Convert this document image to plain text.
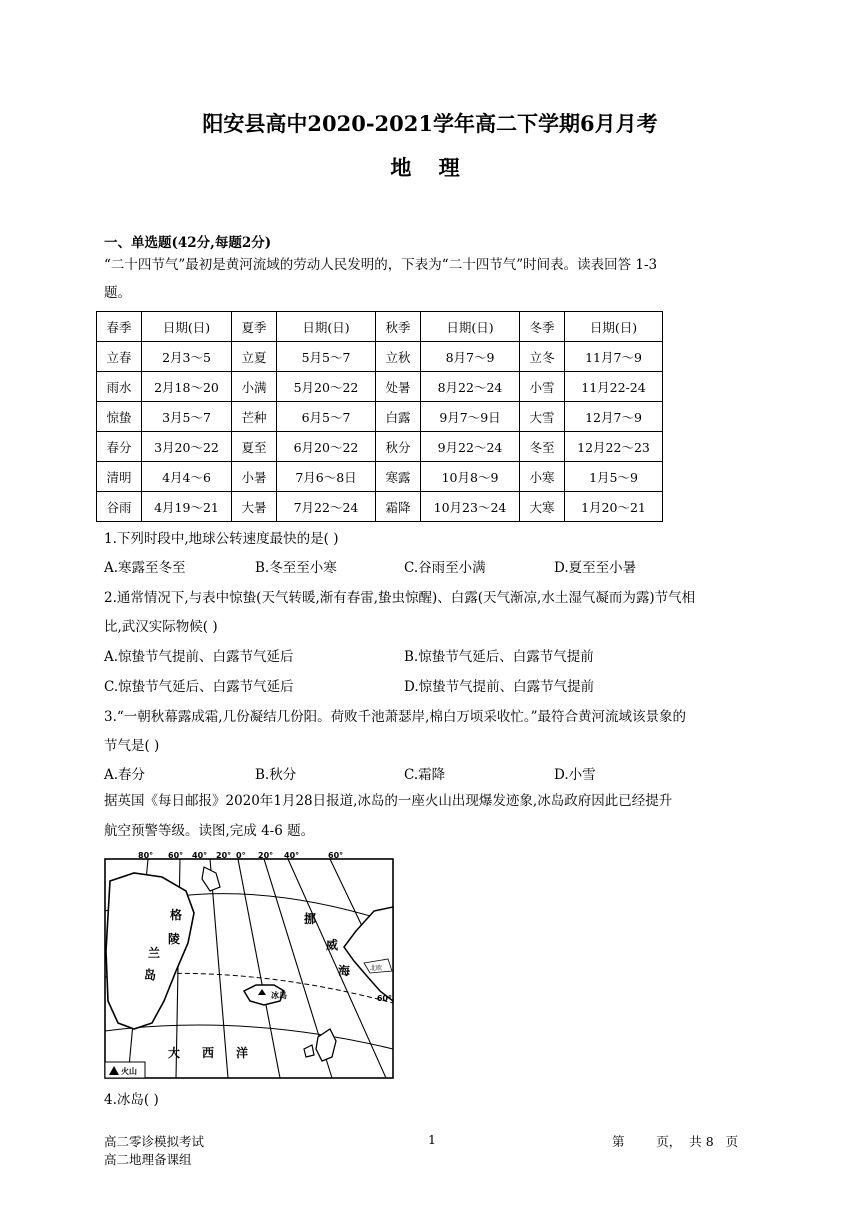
阳安县高中2020-2021学年高二下学期6月月考
地 理
一、单选题(42分,每题2分)
“二十四节气”最初是黄河流域的劳动人民发明的，下表为“二十四节气”时间表。读表回答 1-3
题。
春季	日期(日)	夏季	日期(日)	秋季	日期(日)	冬季	日期(日)
立春	2月3～5	立夏	5月5～7	立秋	8月7～9	立冬	11月7～9
雨水	2月18～20	小满	5月20～22	处暑	8月22～24	小雪	11月22-24
惊蛰	3月5～7	芒种	6月5～7	白露	9月7～9日	大雪	12月7～9
春分	3月20～22	夏至	6月20～22	秋分	9月22～24	冬至	12月22～23
清明	4月4～6	小暑	7月6～8日	寒露	10月8～9	小寒	1月5～9
谷雨	4月19～21	大暑	7月22～24	霜降	10月23～24	大寒	1月20～21
1.下列时段中,地球公转速度最快的是( )
A.寒露至冬至	B.冬至至小寒	C.谷雨至小满	D.夏至至小暑
2.通常情况下,与表中惊蛰(天气转暖,渐有春雷,蛰虫惊醒)、白露(天气渐凉,水土湿气凝而为露)节气相
比,武汉实际物候( )
A.惊蛰节气提前、白露节气延后	B.惊蛰节气延后、白露节气提前
C.惊蛰节气延后、白露节气延后	D.惊蛰节气提前、白露节气提前
3.“一朝秋幕露成霜,几份凝结几份阳。荷败千池萧瑟岸,棉白万顷采收忙。”最符合黄河流域该景象的
节气是( )
A.春分	B.秋分	C.霜降	D.小雪
据英国《每日邮报》2020年1月28日报道,冰岛的一座火山出现爆发迹象,冰岛政府因此已经提升
航空预警等级。读图,完成 4-6 题。
80° 60° 40° 20° 0° 20° 40°	60°
60°
格
陵
兰
岛
挪
威
海
大 西 洋
冰岛
北欧
火山
4.冰岛( )
高二零诊模拟考试
高二地理备课组
1	第        页，  共 8   页
